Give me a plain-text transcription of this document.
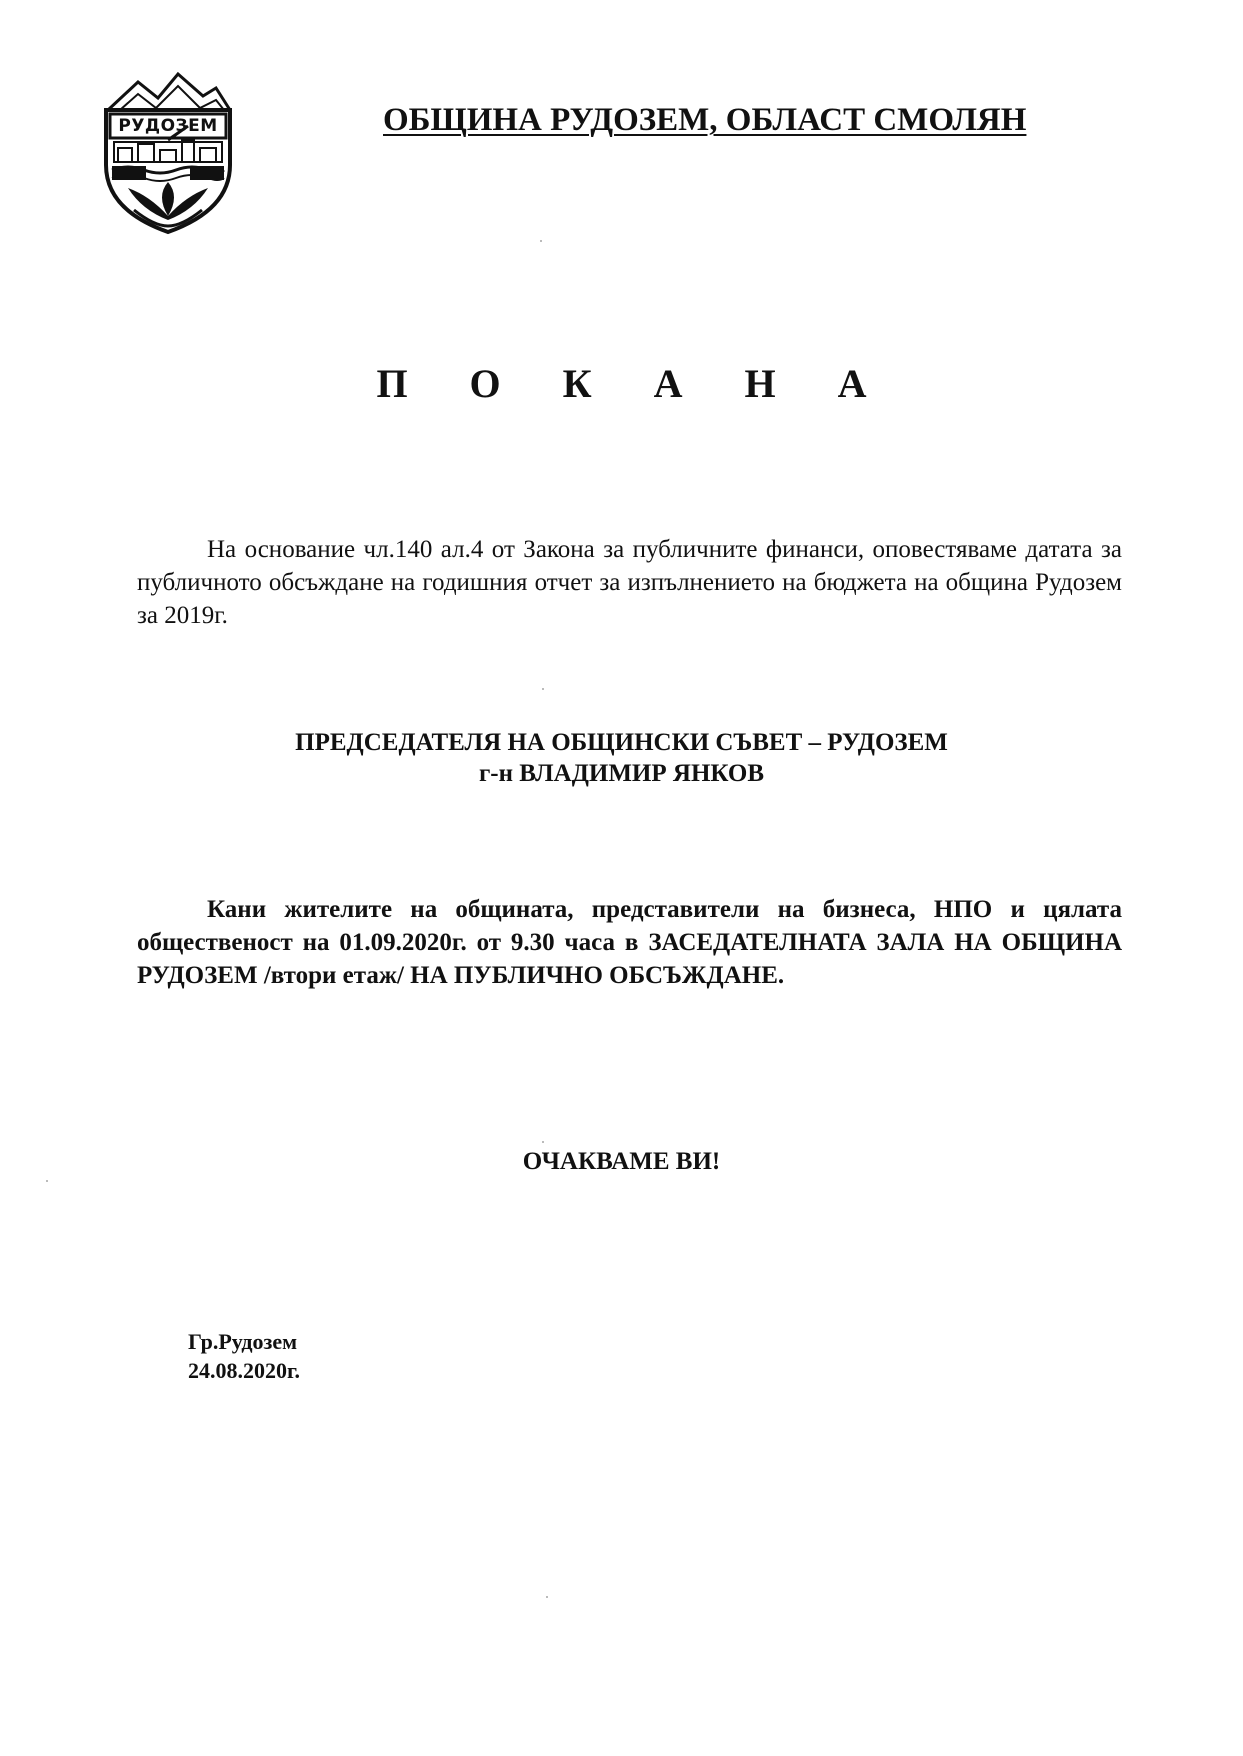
РУДОЗЕМ	ОБЩИНА РУДОЗЕМ, ОБЛАСТ СМОЛЯН
П О К А Н А
На основание чл.140 ал.4 от Закона за публичните финанси, оповестяваме датата за публичното обсъждане на годишния отчет за изпълнението на бюджета на община Рудозем за 2019г.
ПРЕДСЕДАТЕЛЯ НА ОБЩИНСКИ СЪВЕТ – РУДОЗЕМ
г-н ВЛАДИМИР ЯНКОВ
Кани жителите на общината, представители на бизнеса, НПО и цялата общественост на 01.09.2020г. от 9.30 часа в ЗАСЕДАТЕЛНАТА ЗАЛА НА ОБЩИНА РУДОЗЕМ /втори етаж/ НА ПУБЛИЧНО ОБСЪЖДАНЕ.
ОЧАКВАМЕ ВИ!
Гр.Рудозем
24.08.2020г.
